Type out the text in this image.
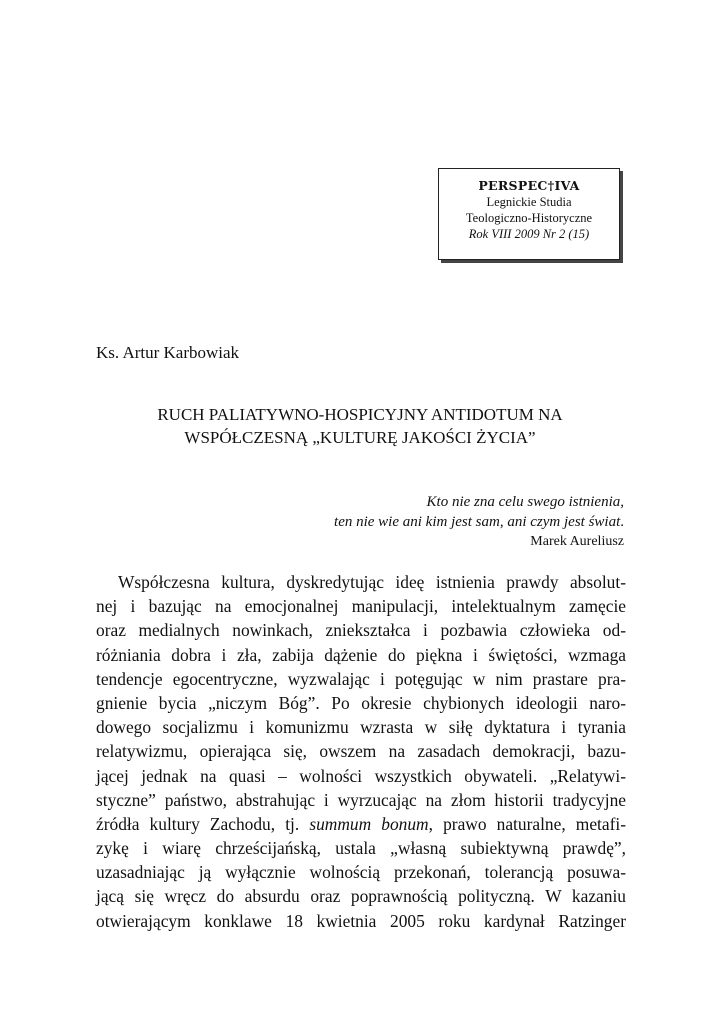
PERSPEC†IVA
Legnickie Studia
Teologiczno-Historyczne
Rok VIII 2009 Nr 2 (15)
Ks. Artur Karbowiak
RUCH PALIATYWNO-HOSPICYJNY ANTIDOTUM NA
WSPÓŁCZESNĄ „KULTURĘ JAKOŚCI ŻYCIA”
Kto nie zna celu swego istnienia,
ten nie wie ani kim jest sam, ani czym jest świat.
Marek Aureliusz
Współczesna kultura, dyskredytując ideę istnienia prawdy absolut-
nej i bazując na emocjonalnej manipulacji, intelektualnym zamęcie
oraz medialnych nowinkach, zniekształca i pozbawia człowieka od-
różniania dobra i zła, zabija dążenie do piękna i świętości, wzmaga
tendencje egocentryczne, wyzwalając i potęgując w nim prastare pra-
gnienie bycia „niczym Bóg”. Po okresie chybionych ideologii naro-
dowego socjalizmu i komunizmu wzrasta w siłę dyktatura i tyrania
relatywizmu, opierająca się, owszem na zasadach demokracji, bazu-
jącej jednak na quasi – wolności wszystkich obywateli. „Relatywi-
styczne” państwo, abstrahując i wyrzucając na złom historii tradycyjne
źródła kultury Zachodu, tj. summum bonum, prawo naturalne, metafi-
zykę i wiarę chrześcijańską, ustala „własną subiektywną prawdę”,
uzasadniając ją wyłącznie wolnością przekonań, tolerancją posuwa-
jącą się wręcz do absurdu oraz poprawnością polityczną. W kazaniu
otwierającym konklawe 18 kwietnia 2005 roku kardynał Ratzinger
